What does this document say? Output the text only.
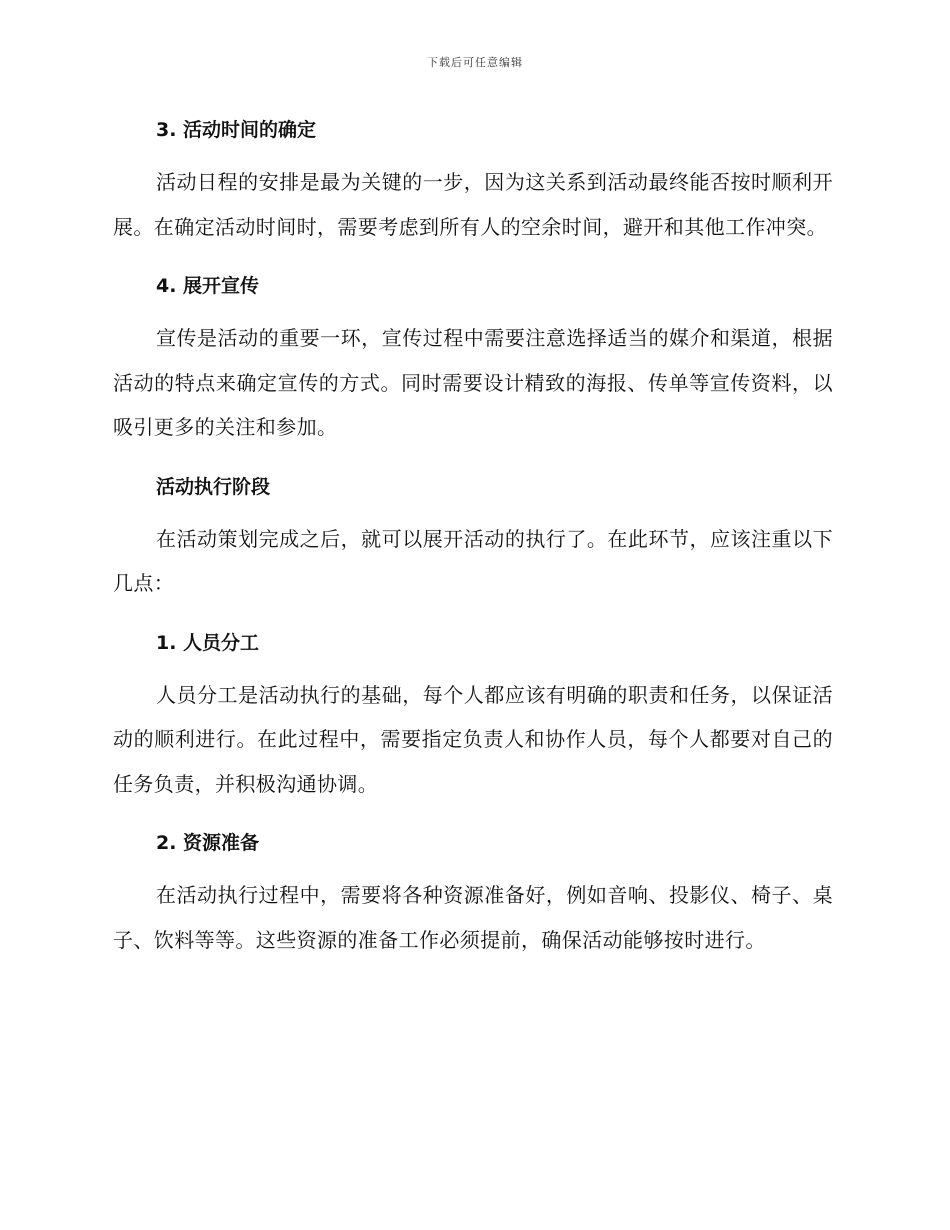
下载后可任意编辑
3. 活动时间的确定

活动日程的安排是最为关键的一步，因为这关系到活动最终能否按时顺利开展。在确定活动时间时，需要考虑到所有人的空余时间，避开和其他工作冲突。

4. 展开宣传

宣传是活动的重要一环，宣传过程中需要注意选择适当的媒介和渠道，根据活动的特点来确定宣传的方式。同时需要设计精致的海报、传单等宣传资料，以吸引更多的关注和参加。

活动执行阶段

在活动策划完成之后，就可以展开活动的执行了。在此环节，应该注重以下几点：

1. 人员分工

人员分工是活动执行的基础，每个人都应该有明确的职责和任务，以保证活动的顺利进行。在此过程中，需要指定负责人和协作人员，每个人都要对自己的任务负责，并积极沟通协调。

2. 资源准备

在活动执行过程中，需要将各种资源准备好，例如音响、投影仪、椅子、桌子、饮料等等。这些资源的准备工作必须提前，确保活动能够按时进行。
